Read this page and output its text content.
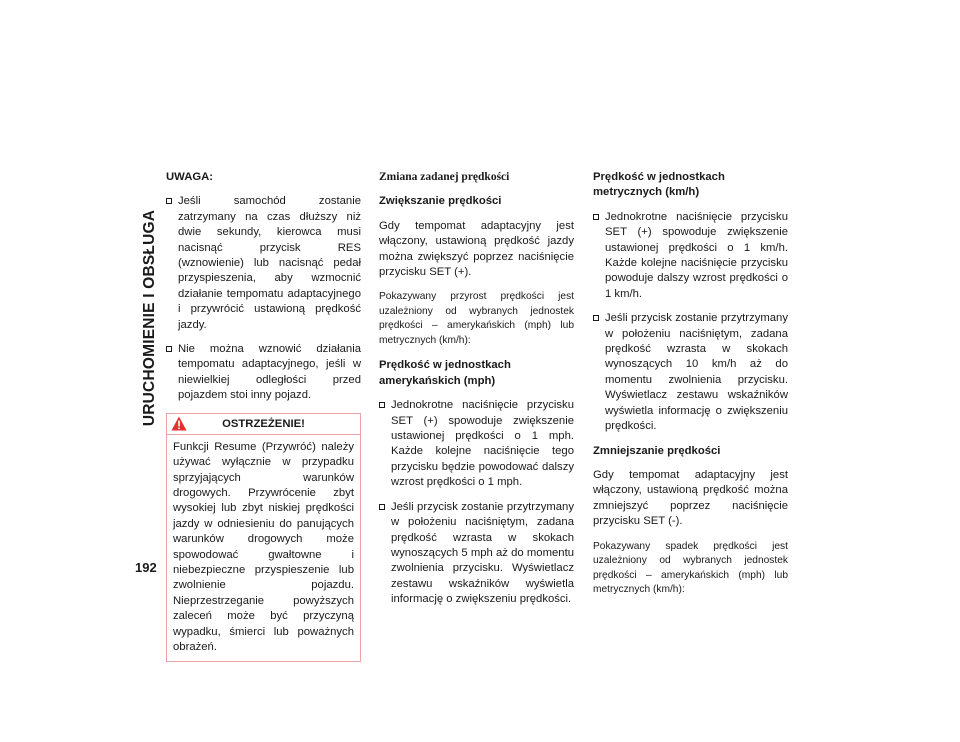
URUCHOMIENIE I OBSŁUGA

UWAGA:

Jeśli samochód zostanie zatrzymany na czas dłuższy niż dwie sekundy, kierowca musi nacisnąć przycisk RES (wznowienie) lub nacisnąć pedał przyspieszenia, aby wzmocnić działanie tempomatu adaptacyjnego i przywrócić ustawioną prędkość jazdy.
Nie można wznowić działania tempomatu adaptacyjnego, jeśli w niewielkiej odległości przed pojazdem stoi inny pojazd.
OSTRZEŻENIE!
Funkcji Resume (Przywróć) należy używać wyłącznie w przypadku sprzyjających warunków drogowych. Przywrócenie zbyt wysokiej lub zbyt niskiej prędkości jazdy w odniesieniu do panujących warunków drogowych może spowodować gwałtowne i niebezpieczne przyspieszenie lub zwolnienie pojazdu. Nieprzestrzeganie powyższych zaleceń może być przyczyną wypadku, śmierci lub poważnych obrażeń.

Zmiana zadanej prędkości

Zwiększanie prędkości

Gdy tempomat adaptacyjny jest włączony, ustawioną prędkość jazdy można zwiększyć poprzez naciśnięcie przycisku SET (+).

Pokazywany przyrost prędkości jest uzależniony od wybranych jednostek prędkości – amerykańskich (mph) lub metrycznych (km/h):

Prędkość w jednostkach amerykańskich (mph)

Jednokrotne naciśnięcie przycisku SET (+) spowoduje zwiększenie ustawionej prędkości o 1 mph. Każde kolejne naciśnięcie tego przycisku będzie powodować dalszy wzrost prędkości o 1 mph.
Jeśli przycisk zostanie przytrzymany w położeniu naciśniętym, zadana prędkość wzrasta w skokach wynoszących 5 mph aż do momentu zwolnienia przycisku. Wyświetlacz zestawu wskaźników wyświetla informację o zwiększeniu prędkości.

Prędkość w jednostkach metrycznych (km/h)

Jednokrotne naciśnięcie przycisku SET (+) spowoduje zwiększenie ustawionej prędkości o 1 km/h. Każde kolejne naciśnięcie przycisku powoduje dalszy wzrost prędkości o 1 km/h.
Jeśli przycisk zostanie przytrzymany w położeniu naciśniętym, zadana prędkość wzrasta w skokach wynoszących 10 km/h aż do momentu zwolnienia przycisku. Wyświetlacz zestawu wskaźników wyświetla informację o zwiększeniu prędkości.

Zmniejszanie prędkości

Gdy tempomat adaptacyjny jest włączony, ustawioną prędkość można zmniejszyć poprzez naciśnięcie przycisku SET (-).

Pokazywany spadek prędkości jest uzależniony od wybranych jednostek prędkości – amerykańskich (mph) lub metrycznych (km/h):

192
